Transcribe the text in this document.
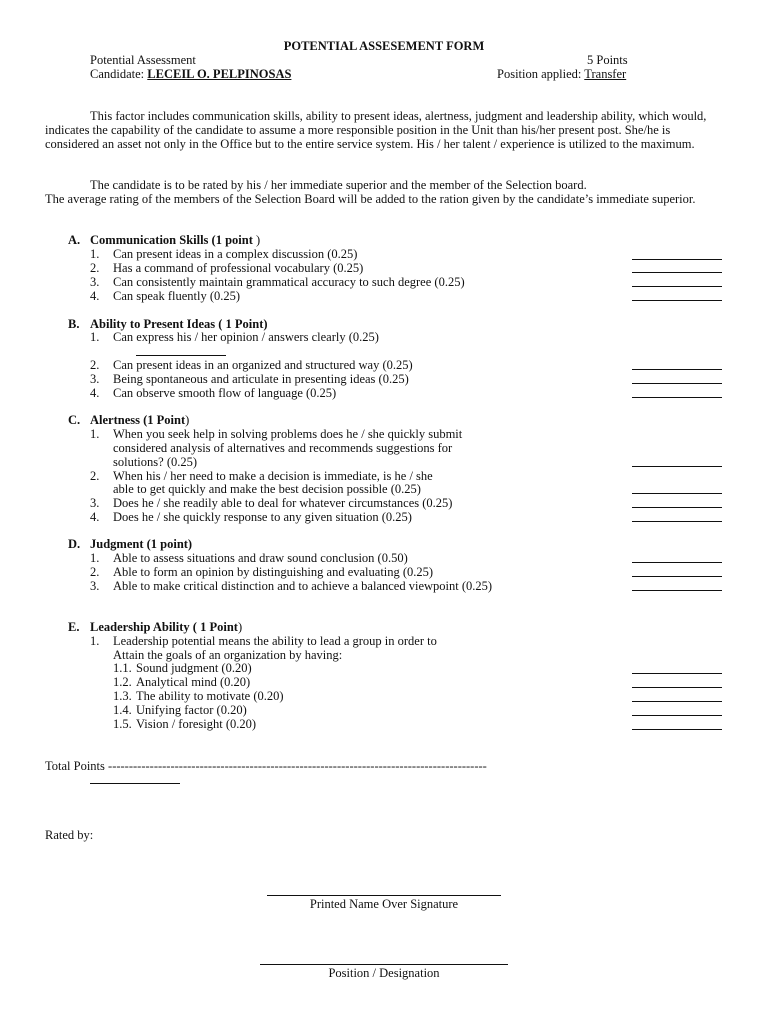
POTENTIAL ASSESEMENT FORM
Potential Assessment	5 Points
Candidate: LECEIL O. PELPINOSAS	Position applied: Transfer

This factor includes communication skills, ability to present ideas, alertness, judgment and leadership ability, which would, indicates the capability of the candidate to assume a more responsible position in the Unit than his/her present post. She/he is considered an asset not only in the Office but to the entire service system. His / her talent / experience is utilized to the maximum.

The candidate is to be rated by his / her immediate superior and the member of the Selection board.

The average rating of the members of the Selection Board will be added to the ration given by the candidate’s immediate superior.

A. Communication Skills (1 point )
1. Can present ideas in a complex discussion (0.25)
2. Has a command of professional vocabulary (0.25)
3. Can consistently maintain grammatical accuracy to such degree (0.25)
4. Can speak fluently (0.25)
B. Ability to Present Ideas ( 1 Point)
1. Can express his / her opinion / answers clearly (0.25)
2. Can present ideas in an organized and structured way (0.25)
3. Being spontaneous and articulate in presenting ideas (0.25)
4. Can observe smooth flow of language (0.25)
C. Alertness (1 Point)
1. When you seek help in solving problems does he / she quickly submit
considered analysis of alternatives and recommends suggestions for
solutions? (0.25)
2. When his / her need to make a decision is immediate, is he / she
able to get quickly and make the best decision possible (0.25)
3. Does he / she readily able to deal for whatever circumstances (0.25)
4. Does he / she quickly response to any given situation (0.25)
D. Judgment (1 point)
1. Able to assess situations and draw sound conclusion (0.50)
2. Able to form an opinion by distinguishing and evaluating (0.25)
3. Able to make critical distinction and to achieve a balanced viewpoint (0.25)
E. Leadership Ability ( 1 Point)
1. Leadership potential means the ability to lead a group in order to
Attain the goals of an organization by having:
1.1. Sound judgment (0.20)
1.2. Analytical mind (0.20)
1.3. The ability to motivate (0.20)
1.4. Unifying factor (0.20)
1.5. Vision / foresight (0.20)
Total Points -------------------------------------------------------------------------------------------
Rated by:
Printed Name Over Signature
Position / Designation
